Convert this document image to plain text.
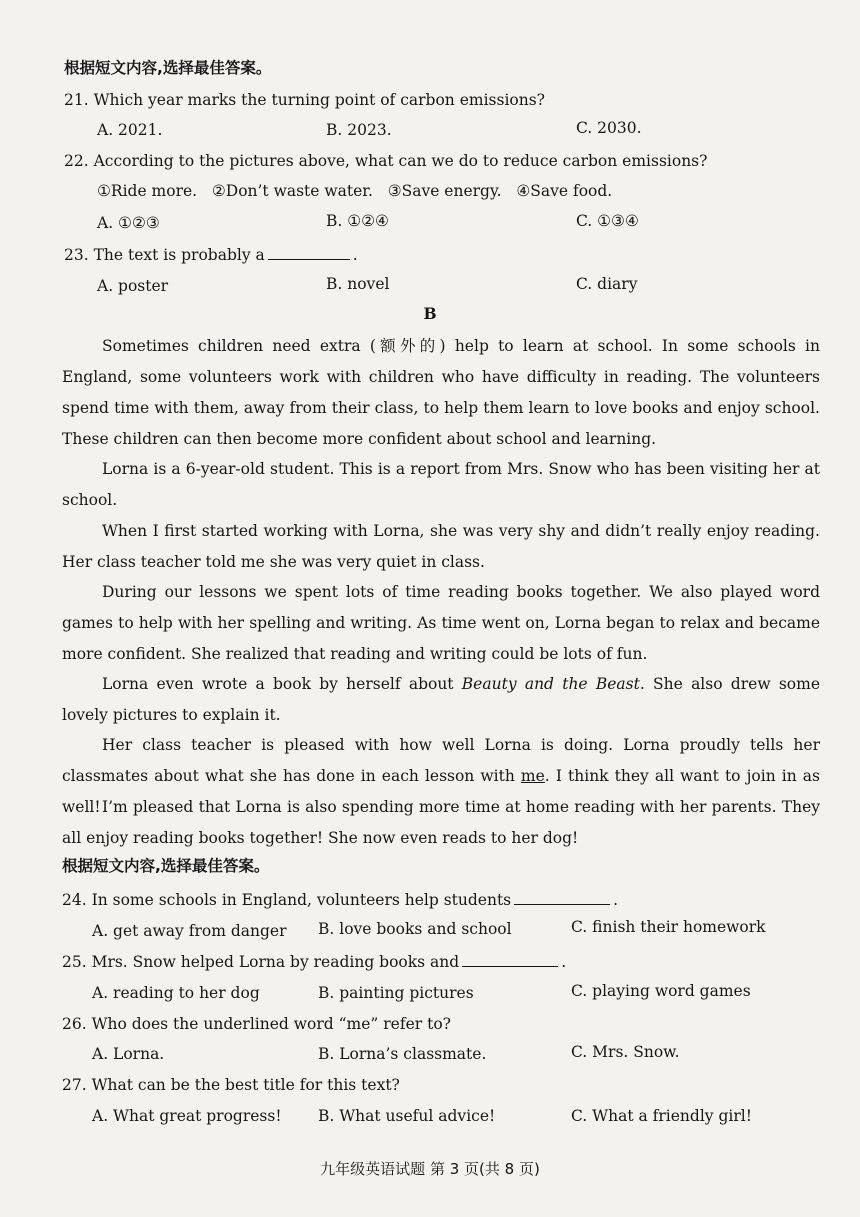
根据短文内容,选择最佳答案。
21. Which year marks the turning point of carbon emissions?
A. 2021.	B. 2023.	C. 2030.
22. According to the pictures above, what can we do to reduce carbon emissions?
①Ride more.   ②Don’t waste water.   ③Save energy.   ④Save food.
A. ①②③	B. ①②④	C. ①③④
23. The text is probably a	.
A. poster	B. novel	C. diary
B
Sometimes children need extra (额外的) help to learn at school. In some schools in England, some volunteers work with children who have difficulty in reading. The volunteers spend time with them, away from their class, to help them learn to love books and enjoy school. These children can then become more confident about school and learning.
Lorna is a 6-year-old student. This is a report from Mrs. Snow who has been visiting her at school.
When I first started working with Lorna, she was very shy and didn’t really enjoy reading. Her class teacher told me she was very quiet in class.
During our lessons we spent lots of time reading books together. We also played word games to help with her spelling and writing. As time went on, Lorna began to relax and became more confident. She realized that reading and writing could be lots of fun.
Lorna even wrote a book by herself about Beauty and the Beast. She also drew some lovely pictures to explain it.
Her class teacher is pleased with how well Lorna is doing. Lorna proudly tells her classmates about what she has done in each lesson with me. I think they all want to join in as well! I’m pleased that Lorna is also spending more time at home reading with her parents. They all enjoy reading books together! She now even reads to her dog!
根据短文内容,选择最佳答案。
24. In some schools in England, volunteers help students	.
A. get away from danger B. love books and school	C. finish their homework
25. Mrs. Snow helped Lorna by reading books and	.
A. reading to her dog	B. painting pictures	C. playing word games
26. Who does the underlined word “me” refer to?
A. Lorna.	B. Lorna’s classmate.	C. Mrs. Snow.
27. What can be the best title for this text?
A. What great progress! B. What useful advice!	C. What a friendly girl!
九年级英语试题 第 3 页(共 8 页)
